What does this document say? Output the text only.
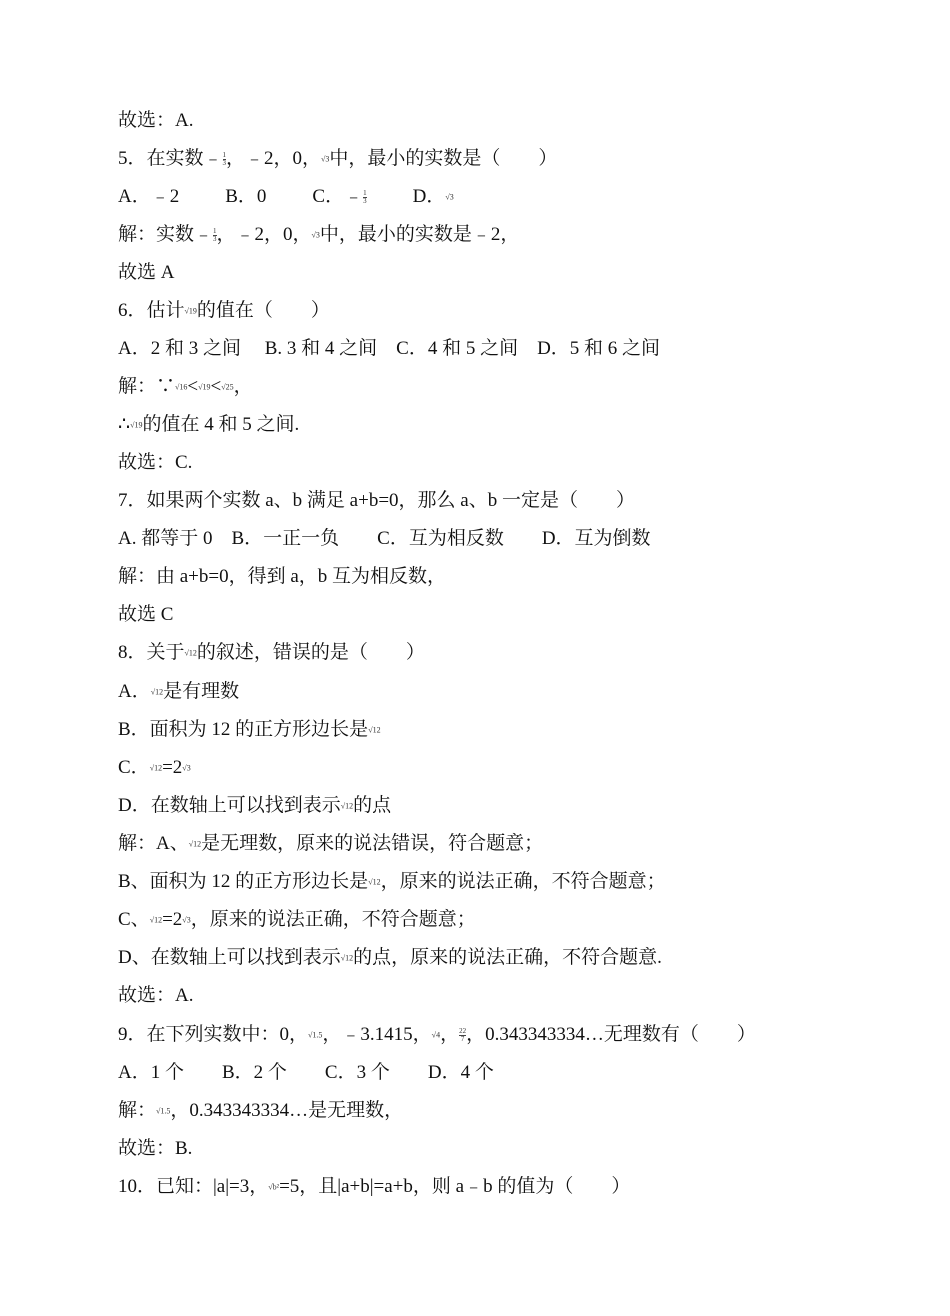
故选：A.
5．在实数﹣ $\frac{1}{3}$ ，﹣2，0，√3中，最小的实数是（　　）
A．﹣2 B．0 C．﹣ $\frac{1}{3}$ D．√3
解：实数﹣ $\frac{1}{3}$ ，﹣2，0，√3中，最小的实数是﹣2，
故选 A
6．估计√19的值在（　　）
A．2 和 3 之间　 B. 3 和 4 之间　C．4 和 5 之间　D．5 和 6 之间
解：∵√16<√19<√25，
∴√19的值在 4 和 5 之间.
故选：C.
7．如果两个实数 a、b 满足 a+b=0，那么 a、b 一定是（　　）
A. 都等于 0　B．一正一负　　C．互为相反数　　D．互为倒数
解：由 a+b=0，得到 a，b 互为相反数，
故选 C
8．关于√12的叙述，错误的是（　　）
A．√12是有理数
B．面积为 12 的正方形边长是√12
C．√12=2√3
D．在数轴上可以找到表示√12的点
解：A、√12是无理数，原来的说法错误，符合题意；
B、面积为 12 的正方形边长是√12，原来的说法正确，不符合题意；
C、√12=2√3，原来的说法正确，不符合题意；
D、在数轴上可以找到表示√12的点，原来的说法正确，不符合题意.
故选：A.
9．在下列实数中：0，√1.5，﹣3.1415，√4， $\frac{22}{7}$ ，0.343343334…无理数有（　　）
A．1 个 B．2 个 C．3 个 D．4 个
解：√1.5，0.343343334…是无理数，
故选：B.
10．已知：|a|=3，√b²=5，且|a+b|=a+b，则 a﹣b 的值为（　　）
